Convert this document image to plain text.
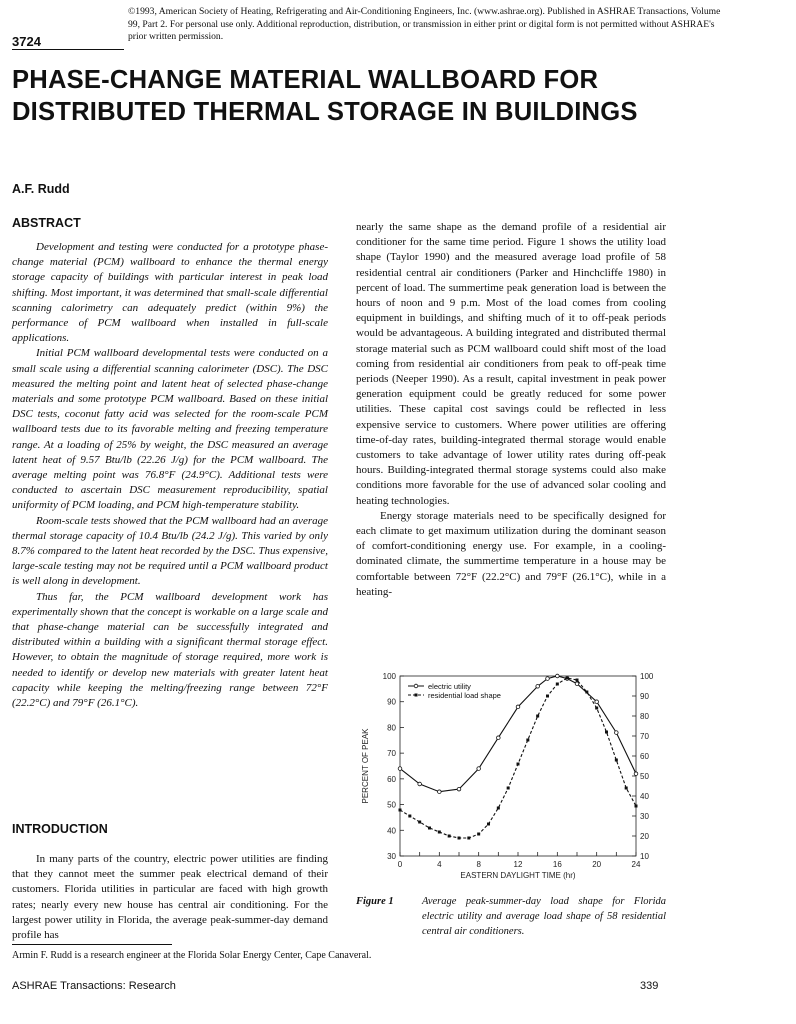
©1993, American Society of Heating, Refrigerating and Air-Conditioning Engineers, Inc. (www.ashrae.org). Published in ASHRAE Transactions, Volume 99, Part 2. For personal use only. Additional reproduction, distribution, or transmission in either print or digital form is not permitted without ASHRAE's prior written permission.
3724
PHASE-CHANGE MATERIAL WALLBOARD FOR DISTRIBUTED THERMAL STORAGE IN BUILDINGS
A.F. Rudd
ABSTRACT

Development and testing were conducted for a prototype phase-change material (PCM) wallboard to enhance the thermal energy storage capacity of buildings with particular interest in peak load shifting. Most important, it was determined that small-scale differential scanning calorimetry can adequately predict (within 9%) the performance of PCM wallboard when installed in full-scale applications.

Initial PCM wallboard developmental tests were conducted on a small scale using a differential scanning calorimeter (DSC). The DSC measured the melting point and latent heat of selected phase-change materials and some prototype PCM wallboard. Based on these initial DSC tests, coconut fatty acid was selected for the room-scale PCM wallboard tests due to its favorable melting and freezing temperature range. At a loading of 25% by weight, the DSC measured an average latent heat of 9.57 Btu/lb (22.26 J/g) for the PCM wallboard. The average melting point was 76.8°F (24.9°C). Additional tests were conducted to ascertain DSC measurement reproducibility, spatial uniformity of PCM loading, and PCM high-temperature stability.

Room-scale tests showed that the PCM wallboard had an average thermal storage capacity of 10.4 Btu/lb (24.2 J/g). This varied by only 8.7% compared to the latent heat recorded by the DSC. Thus expensive, large-scale testing may not be required until a PCM wallboard product is well along in development.

Thus far, the PCM wallboard development work has experimentally shown that the concept is workable on a large scale and that phase-change material can be successfully integrated and distributed within a building with a significant thermal storage effect. However, to obtain the magnitude of storage required, more work is needed to identify or develop new materials with greater latent heat capacity while keeping the melting/freezing range between 72°F (22.2°C) and 79°F (26.1°C).

INTRODUCTION

In many parts of the country, electric power utilities are finding that they cannot meet the summer peak electrical demand of their customers. Florida utilities in particular are faced with high growth rates; nearly every new house has central air conditioning. For the largest power utility in Florida, the average peak-summer-day demand profile has

nearly the same shape as the demand profile of a residential air conditioner for the same time period. Figure 1 shows the utility load shape (Taylor 1990) and the measured average load profile of 58 residential central air conditioners (Parker and Hinchcliffe 1980) in percent of load. The summertime peak generation load is between the hours of noon and 9 p.m. Most of the load comes from cooling equipment in buildings, and shifting much of it to off-peak periods would be advantageous. A building integrated and distributed thermal storage material such as PCM wallboard could shift most of the load coming from residential air conditioners from peak to off-peak time periods (Neeper 1990). As a result, capital investment in peak power generation equipment could be greatly reduced for some power utilities. These capital cost savings could be reflected in less expensive service to customers. Where power utilities are offering time-of-day rates, building-integrated thermal storage would enable customers to take advantage of lower utility rates during off-peak hours. Building-integrated thermal storage systems could also make conditions more favorable for the use of advanced solar cooling and heating technologies.

Energy storage materials need to be specifically designed for each climate to get maximum utilization during the dominant season of comfort-conditioning energy use. For example, in a cooling-dominated climate, the summertime temperature in a house may be comfortable between 72°F (22.2°C) and 79°F (26.1°C), while in a heating-

30
40
50
60
70
80
90
100
10
20
30
40
50
60
70
80
90
100
0	4	8	12	16	20	24
EASTERN DAYLIGHT TIME (hr)
PERCENT OF PEAK
electric utility
residential load shape
Figure 1	Average peak-summer-day load shape for Florida electric utility and average load shape of 58 residential central air conditioners.
Armin F. Rudd is a research engineer at the Florida Solar Energy Center, Cape Canaveral.
ASHRAE Transactions: Research	339
